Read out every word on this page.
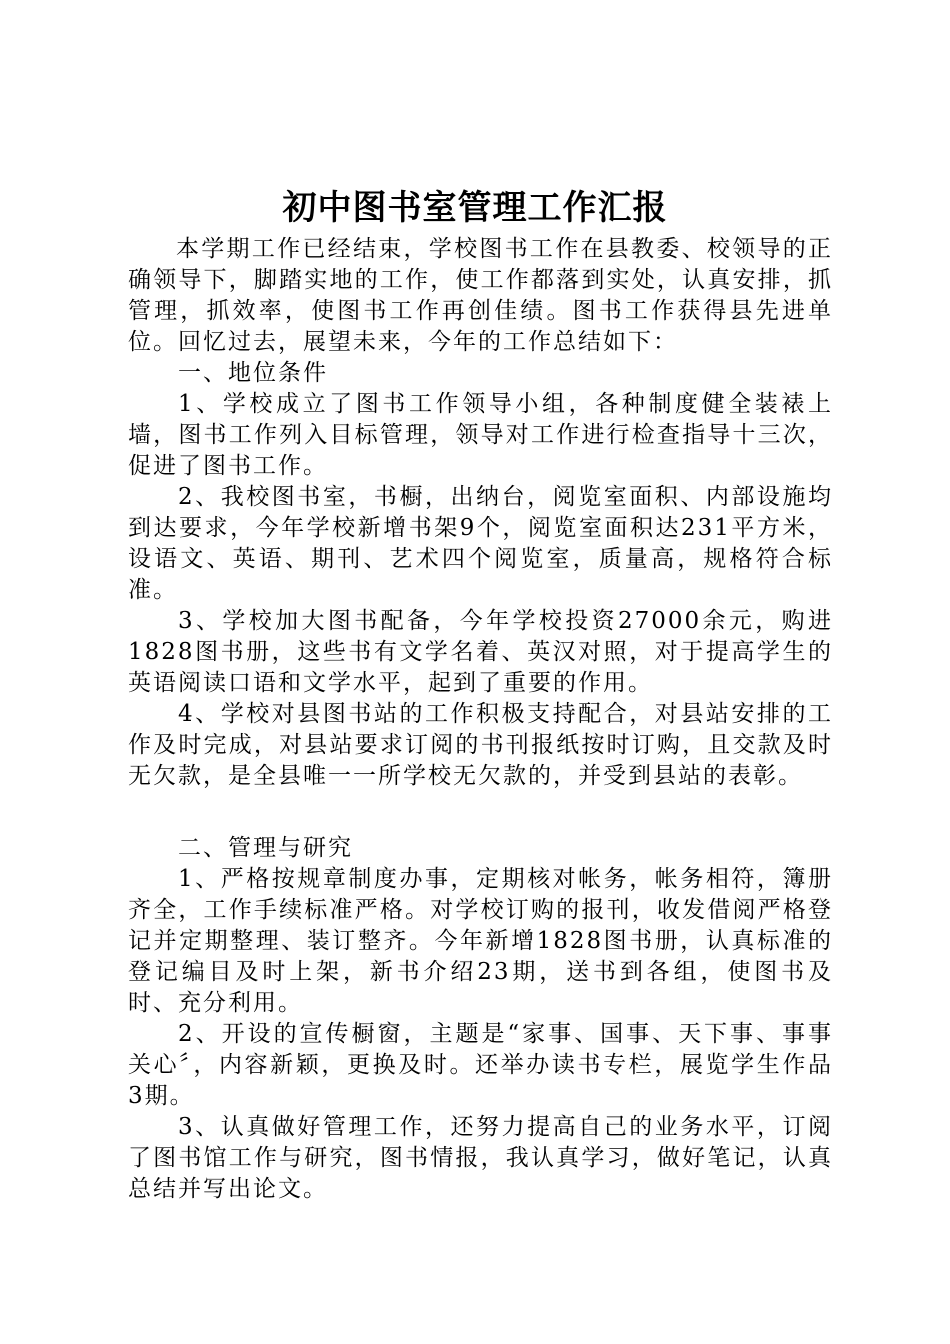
初中图书室管理工作汇报

本学期工作已经结束，学校图书工作在县教委、校领导的正确领导下，脚踏实地的工作，使工作都落到实处，认真安排，抓管理，抓效率，使图书工作再创佳绩。图书工作获得县先进单位。回忆过去，展望未来，今年的工作总结如下：

一、地位条件

1、学校成立了图书工作领导小组，各种制度健全装裱上墙，图书工作列入目标管理，领导对工作进行检查指导十三次，促进了图书工作。

2、我校图书室，书橱，出纳台，阅览室面积、内部设施均到达要求，今年学校新增书架9个，阅览室面积达231平方米，设语文、英语、期刊、艺术四个阅览室，质量高，规格符合标准。

3、学校加大图书配备，今年学校投资27000余元，购进1828图书册，这些书有文学名着、英汉对照，对于提高学生的英语阅读口语和文学水平，起到了重要的作用。

4、学校对县图书站的工作积极支持配合，对县站安排的工作及时完成，对县站要求订阅的书刊报纸按时订购，且交款及时无欠款，是全县唯一一所学校无欠款的，并受到县站的表彰。

二、管理与研究

1、严格按规章制度办事，定期核对帐务，帐务相符，簿册齐全，工作手续标准严格。对学校订购的报刊，收发借阅严格登记并定期整理、装订整齐。今年新增1828图书册，认真标准的登记编目及时上架，新书介绍23期，送书到各组，使图书及时、充分利用。

2、开设的宣传橱窗，主题是“家事、国事、天下事、事事关心〞，内容新颖，更换及时。还举办读书专栏，展览学生作品3期。

3、认真做好管理工作，还努力提高自己的业务水平，订阅了图书馆工作与研究，图书情报，我认真学习，做好笔记，认真总结并写出论文。
